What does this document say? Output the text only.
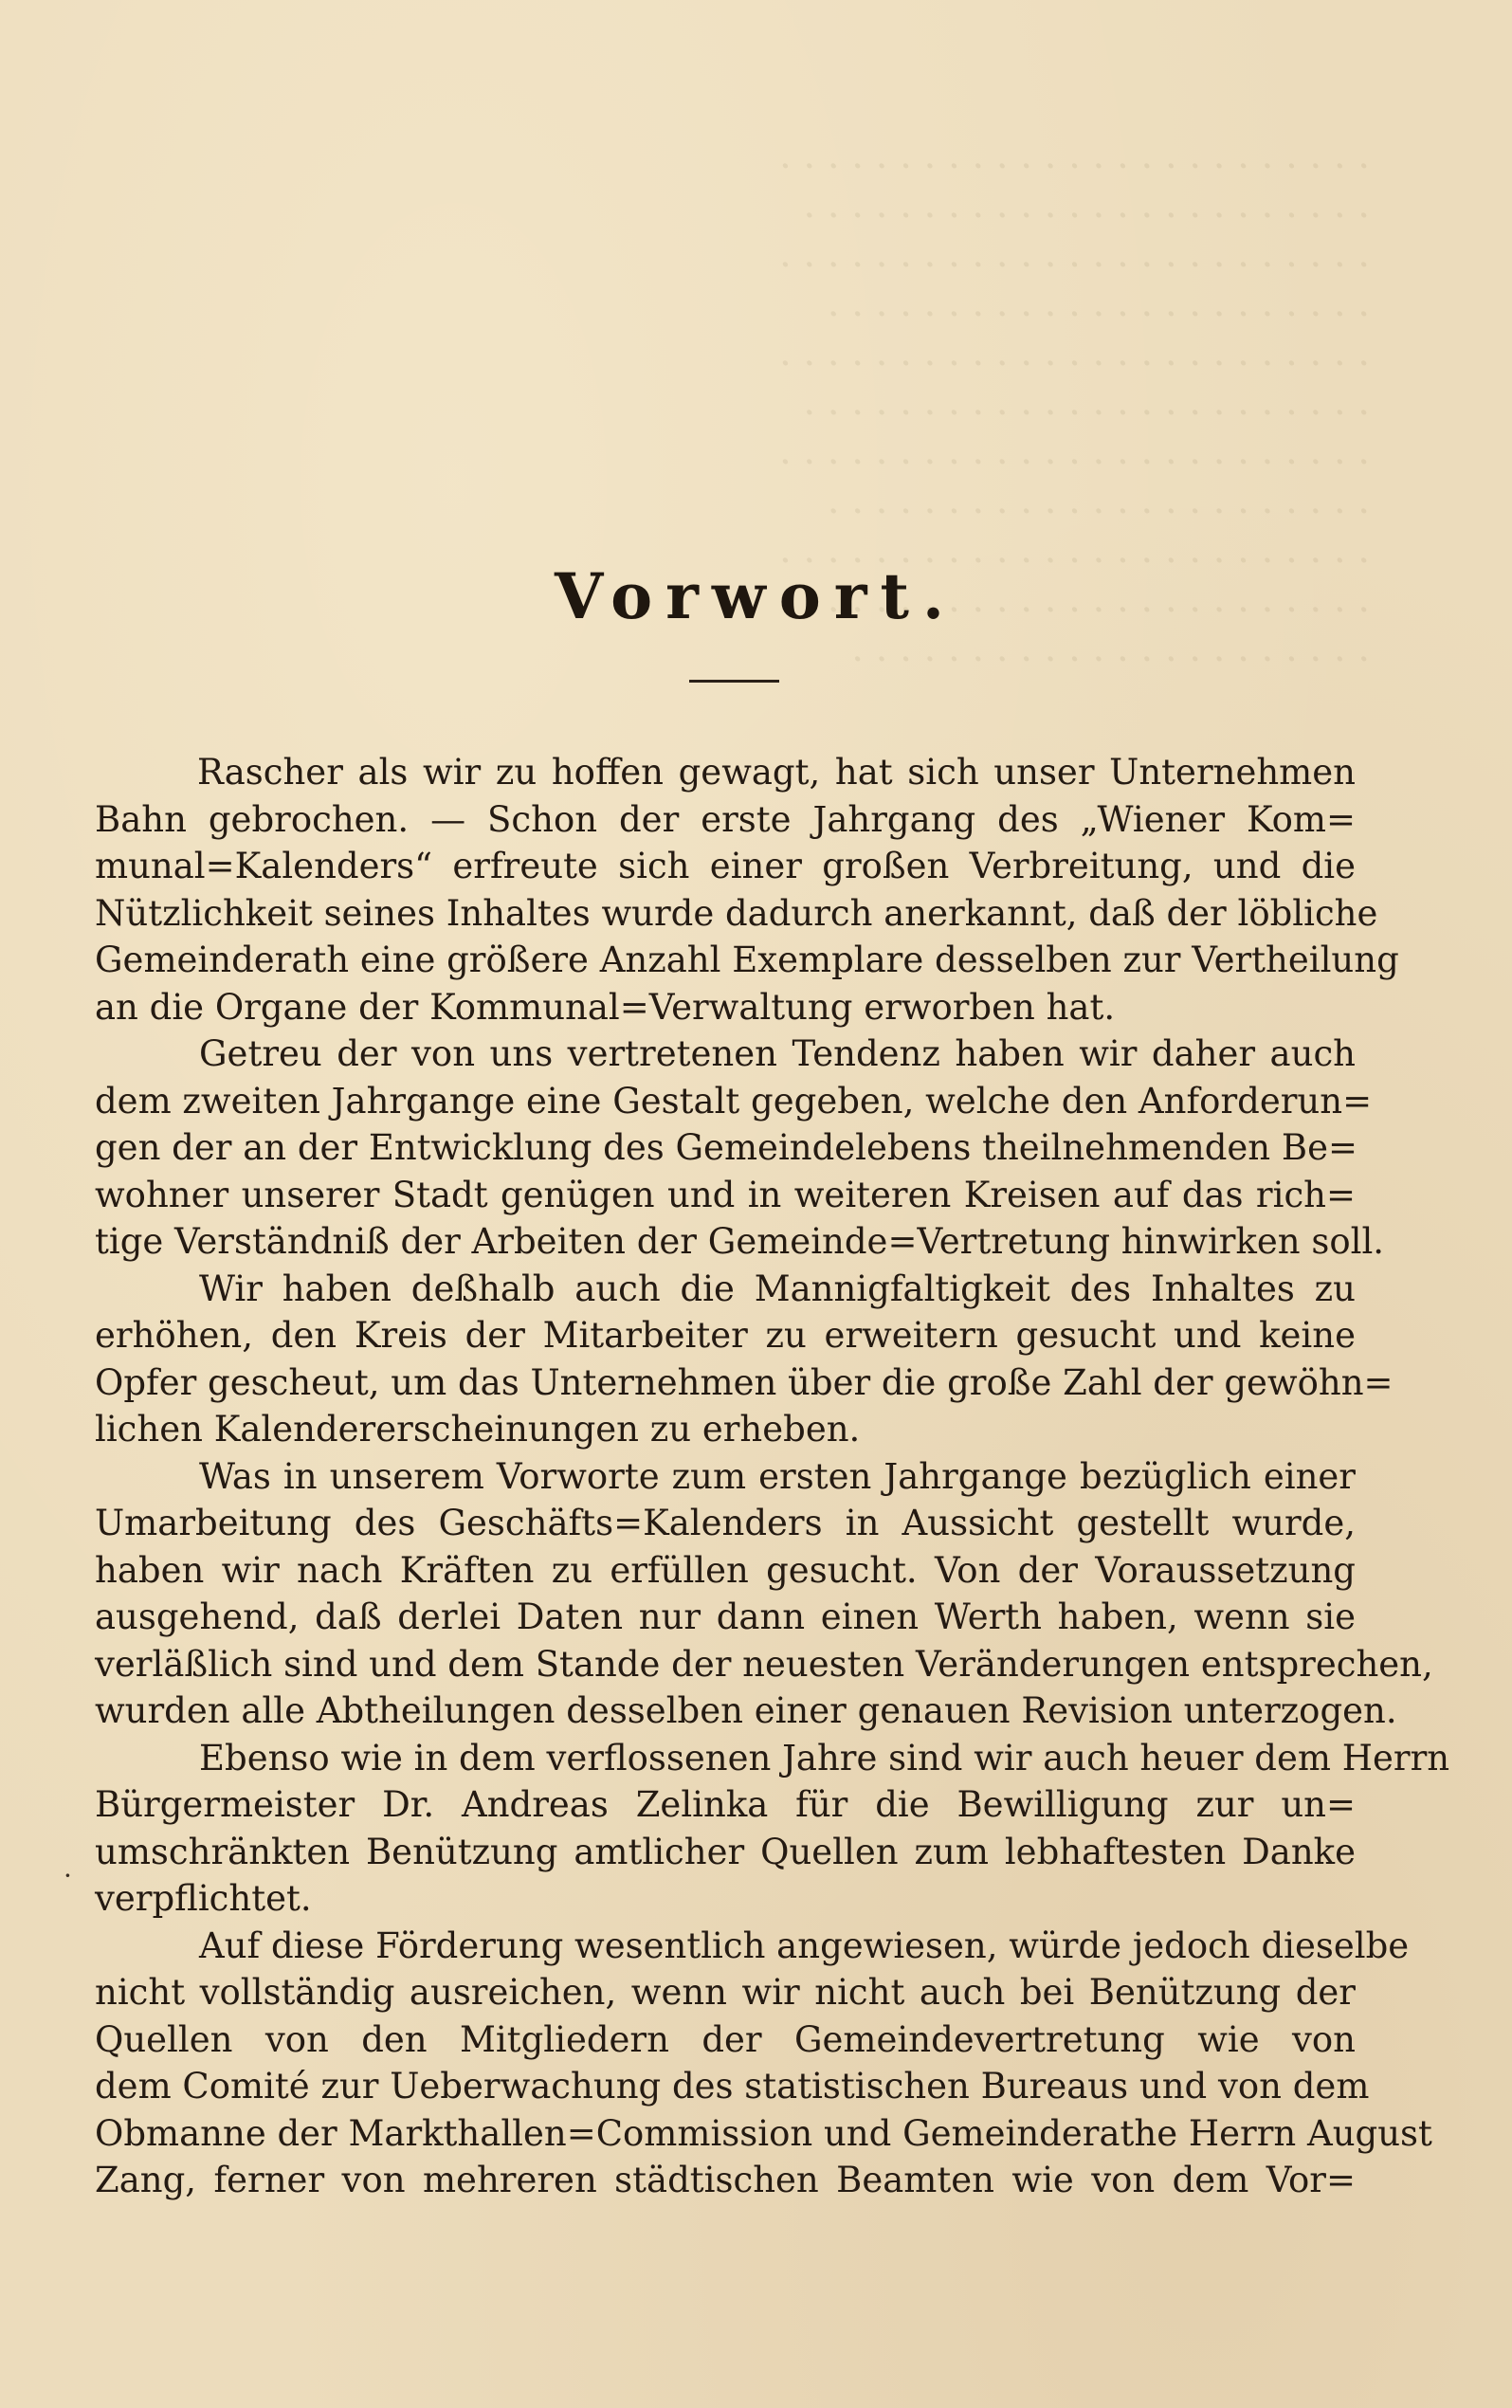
· · · · · · · · · · · · · · · · · · · · · · · · ·
· · · · · · · · · · · · · · · · · · · · · · · ·
· · · · · · · · · · · · · · · · · · · · · · · · ·
· · · · · · · · · · · · · · · · · · · · · · ·
· · · · · · · · · · · · · · · · · · · · · · · · ·
· · · · · · · · · · · · · · · · · · · · · · · ·
· · · · · · · · · · · · · · · · · · · · · · · · ·
· · · · · · · · · · · · · · · · · · · · · · ·
· · · · · · · · · · · · · · · · · · · · · · · · ·
· · · · · · · · · · · · · · · · · · · · · · · ·
· · · · · · · · · · · · · · · · · · · · · ·
Vorwort.
Rascher als wir zu hoffen gewagt, hat sich unser Unternehmen
Bahn gebrochen. — Schon der erste Jahrgang des „Wiener Kom=
munal=Kalenders“ erfreute sich einer großen Verbreitung, und die
Nützlichkeit seines Inhaltes wurde dadurch anerkannt, daß der löbliche
Gemeinderath eine größere Anzahl Exemplare desselben zur Vertheilung
an die Organe der Kommunal=Verwaltung erworben hat.
Getreu der von uns vertretenen Tendenz haben wir daher auch
dem zweiten Jahrgange eine Gestalt gegeben, welche den Anforderun=
gen der an der Entwicklung des Gemeindelebens theilnehmenden Be=
wohner unserer Stadt genügen und in weiteren Kreisen auf das rich=
tige Verständniß der Arbeiten der Gemeinde=Vertretung hinwirken soll.
Wir haben deßhalb auch die Mannigfaltigkeit des Inhaltes zu
erhöhen, den Kreis der Mitarbeiter zu erweitern gesucht und keine
Opfer gescheut, um das Unternehmen über die große Zahl der gewöhn=
lichen Kalendererscheinungen zu erheben.
Was in unserem Vorworte zum ersten Jahrgange bezüglich einer
Umarbeitung des Geschäfts=Kalenders in Aussicht gestellt wurde,
haben wir nach Kräften zu erfüllen gesucht. Von der Voraussetzung
ausgehend, daß derlei Daten nur dann einen Werth haben, wenn sie
verläßlich sind und dem Stande der neuesten Veränderungen entsprechen,
wurden alle Abtheilungen desselben einer genauen Revision unterzogen.
Ebenso wie in dem verflossenen Jahre sind wir auch heuer dem Herrn
Bürgermeister Dr. Andreas Zelinka für die Bewilligung zur un=
umschränkten Benützung amtlicher Quellen zum lebhaftesten Danke
verpflichtet.
Auf diese Förderung wesentlich angewiesen, würde jedoch dieselbe
nicht vollständig ausreichen, wenn wir nicht auch bei Benützung der
Quellen von den Mitgliedern der Gemeindevertretung wie von
dem Comité zur Ueberwachung des statistischen Bureaus und von dem
Obmanne der Markthallen=Commission und Gemeinderathe Herrn August
Zang, ferner von mehreren städtischen Beamten wie von dem Vor=
·
